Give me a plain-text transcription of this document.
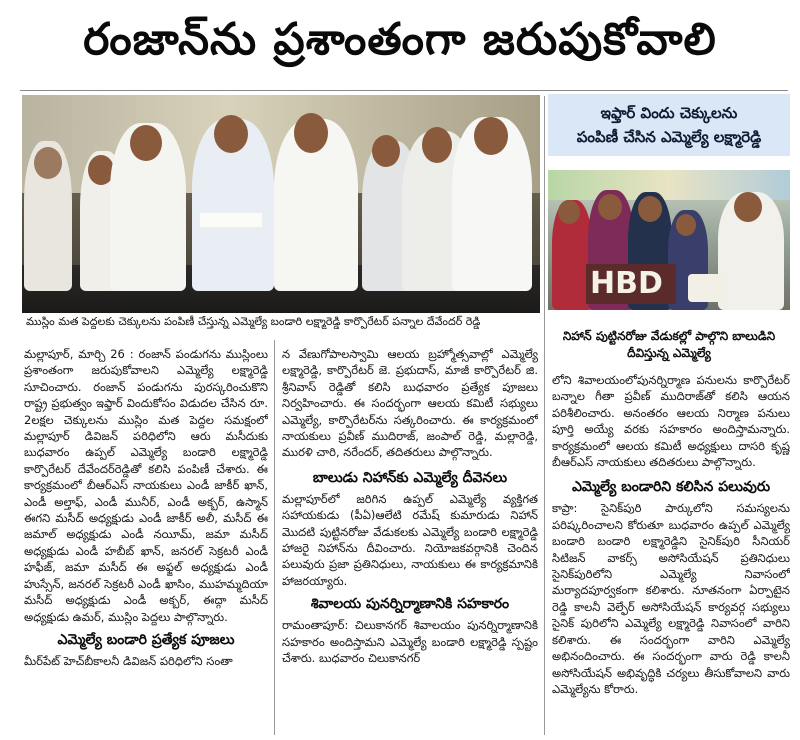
రంజాన్‌ను ప్రశాంతంగా జరుపుకోవాలి
ముస్లిం మత పెద్దలకు చెక్కులను పంపిణీ చేస్తున్న ఎమ్మెల్యే బండారి లక్ష్మారెడ్డి కార్పొరేటర్ పన్నాల దేవేందర్ రెడ్డి
ఇఫ్తార్ విందు చెక్కులను
పంపిణీ చేసిన ఎమ్మెల్యే లక్ష్మారెడ్డి
HBD
నిహాన్ పుట్టినరోజు వేడుకల్లో పాల్గొని బాలుడిని
దీవిస్తున్న ఎమ్మెల్యే

మల్లాపూర్, మార్చి 26 : రంజాన్ పండుగను ముస్లింలు ప్రశాంతంగా జరుపుకోవాలని ఎమ్మెల్యే లక్ష్మారెడ్డి సూచించారు. రంజాన్ పండుగను పురస్కరించుకొని రాష్ట్ర ప్రభుత్వం ఇఫ్తార్ విందుకోసం విడుదల చేసిన రూ. 2లక్షల చెక్కులను ముస్లిం మత పెద్దల సమక్షంలో మల్లాపూర్ డివిజన్ పరిధిలోని ఆరు మసీదుకు బుధవారం ఉప్పల్ ఎమ్మెల్యే బండారి లక్ష్మారెడ్డి కార్పొరేటర్ దేవేందర్‌రెడ్డితో కలిసి పంపిణీ చేశారు. ఈ కార్యక్రమంలో బీఆర్ఎస్ నాయకులు ఎండీ జాకీర్ ఖాన్, ఎండీ అల్తాఫ్, ఎండీ మునీర్, ఎండీ అక్బర్, ఉస్మాన్ ఈగని మసీద్ అధ్యక్షుడు ఎండీ జాకీర్ అలీ, మసీద్ ఈ జమాల్ అధ్యక్షుడు ఎండీ నయీమ్, జమా మసీద్ అధ్యక్షుడు ఎండీ హబీబ్ ఖాన్, జనరల్ సెక్రటరీ ఎండీ హఫీజ్, జమా మసీద్ ఈ అఫ్జల్ అధ్యక్షుడు ఎండీ హుస్సేన్, జనరల్ సెక్రటరీ ఎండీ ఖాసిం, ముహమ్మదియా మసీద్ అధ్యక్షుడు ఎండీ అక్బర్, ఈద్గా మసీద్ అధ్యక్షుడు ఉమర్, ముస్లిం పెద్దలు పాల్గొన్నారు.

ఎమ్మెల్యే బండారి ప్రత్యేక పూజలు

మీర్‌పేట్ హెచ్‌బీకాలనీ డివిజన్ పరిధిలోని సంతా

న వేణుగోపాలస్వామి ఆలయ బ్రహ్మోత్సవాల్లో ఎమ్మెల్యే లక్ష్మారెడ్డి, కార్పొరేటర్ జె. ప్రభుదాస్, మాజీ కార్పొరేటర్ జి. శ్రీనివాస్ రెడ్డితో కలిసి బుధవారం ప్రత్యేక పూజలు నిర్వహించారు. ఈ సందర్భంగా ఆలయ కమిటీ సభ్యులు ఎమ్మెల్యే, కార్పొరేటర్‌ను సత్కరించారు. ఈ కార్యక్రమంలో నాయకులు ప్రవీణ్ ముదిరాజ్, జంపాల్ రెడ్డి, మల్లారెడ్డి, మురళి చారి, నరేందర్, తదితరులు పాల్గొన్నారు.

బాలుడు నిహాన్‌కు ఎమ్మెల్యే దీవెనలు

మల్లాపూర్‌లో జరిగిన ఉప్పల్ ఎమ్మెల్యే వ్యక్తిగత సహాయకుడు (పీఏ)ఆలేటి రమేష్ కుమారుడు నిహాన్ మొదటి పుట్టినరోజు వేడుకలకు ఎమ్మెల్యే బండారి లక్ష్మారెడ్డి హాజరై నిహాన్‌ను దీవించారు. నియోజకవర్గానికి చెందిన పలువురు ప్రజా ప్రతినిధులు, నాయకులు ఈ కార్యక్రమానికి హాజరయ్యారు.

శివాలయ పునర్నిర్మాణానికి సహకారం

రామంతాపూర్: చిలుకానగర్ శివాలయం పునర్నిర్మాణానికి సహకారం అందిస్తామని ఎమ్మెల్యే బండారి లక్ష్మారెడ్డి స్పష్టం చేశారు. బుధవారం చిలుకానగర్

లోని శివాలయంలోపునర్నిర్మాణ పనులను కార్పొరేటర్ బన్నాల గీతా ప్రవీణ్ ముదిరాజ్‌తో కలిసి ఆయన పరిశీలించారు. అనంతరం ఆలయ నిర్మాణ పనులు పూర్తి అయ్యే వరకు సహకారం అందిస్తామన్నారు. కార్యక్రమంలో ఆలయ కమిటీ అధ్యక్షులు దాసరి కృష్ణ బీఆర్ఎస్ నాయకులు తదితరులు పాల్గొన్నారు.

ఎమ్మెల్యే బండారిని కలిసిన పలువురు

కాప్రా: సైనిక్‌పురి పార్కులోని సమస్యలను పరిష్కరించాలని కోరుతూ బుధవారం ఉప్పల్ ఎమ్మెల్యే బండారి బండారి లక్ష్మారెడ్డిని సైనిక్‌పురి సీనియర్ సిటిజన్ వాకర్స్ అసోసియేషన్ ప్రతినిధులు సైనిక్‌పురిలోని ఎమ్మెల్యే నివాసంలో మర్యాదపూర్వకంగా కలిశారు. నూతనంగా ఏర్పాటైన రెడ్డి కాలనీ వెల్ఫేర్ అసోసియేషన్ కార్యవర్గ సభ్యులు సైనిక్ పురిలోని ఎమ్మెల్యే లక్ష్మారెడ్డి నివాసంలో వారిని కలిశారు. ఈ సందర్భంగా వారిని ఎమ్మెల్యే అభినందించారు. ఈ సందర్భంగా వారు రెడ్డి కాలనీ అసోసియేషన్ అభివృద్ధికి చర్యలు తీసుకోవాలని వారు ఎమ్మెల్యేను కోరారు.
